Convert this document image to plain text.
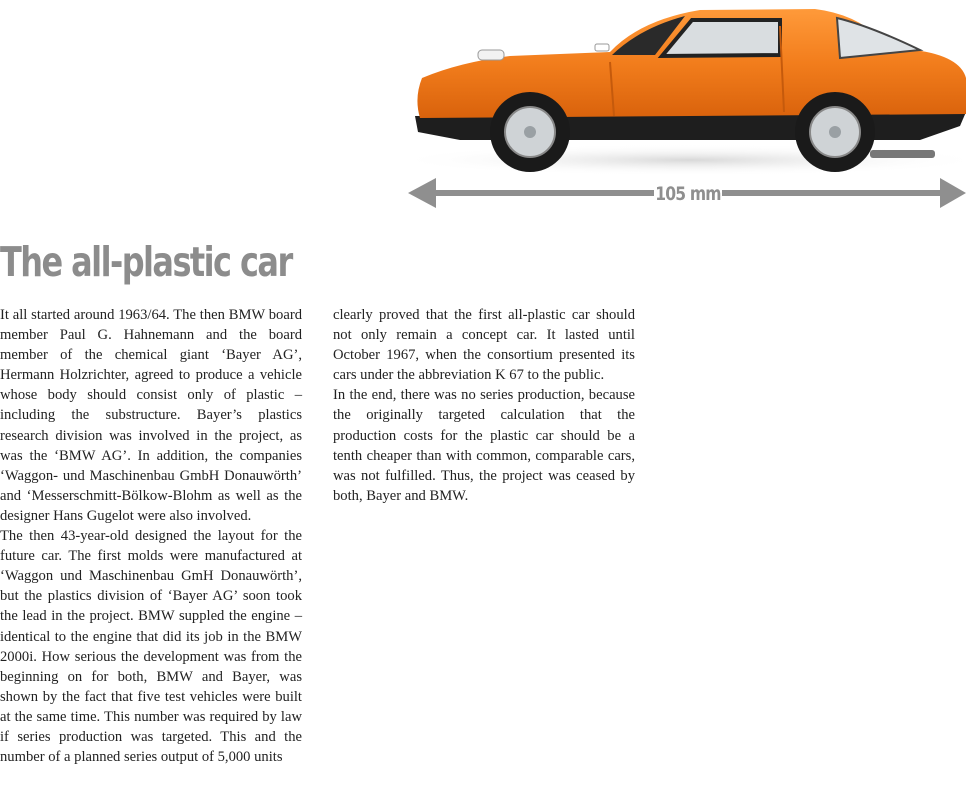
105 mm
The all-plastic car

It all started around 1963/64. The then BMW board member Paul G. Hahnemann and the board member of the chemical giant ‘Bayer AG’, Hermann Holzrichter, agreed to produce a vehicle whose body should consist only of plastic – including the substructure. Bayer’s plastics research division was involved in the project, as was the ‘BMW AG’. In addition, the companies ‘Waggon- und Maschinenbau GmbH Donauwörth’ and ‘Messerschmitt-Bölkow-Blohm as well as the designer Hans Gugelot were also involved.

The then 43-year-old designed the layout for the future car. The first molds were manufactured at ‘Waggon und Maschinenbau GmH Donauwörth’, but the plastics division of ‘Bayer AG’ soon took the lead in the project. BMW suppled the engine – identical to the engine that did its job in the BMW 2000i. How serious the development was from the beginning on for both, BMW and Bayer, was shown by the fact that five test vehicles were built at the same time. This number was required by law if series production was targeted. This and the number of a planned series output of 5,000 units

clearly proved that the first all-plastic car should not only remain a concept car. It lasted until October 1967, when the consortium presented its cars under the abbreviation K 67 to the public.

In the end, there was no series production, because the originally targeted calculation that the production costs for the plastic car should be a tenth cheaper than with common, comparable cars, was not fulfilled. Thus, the project was ceased by both, Bayer and BMW.
